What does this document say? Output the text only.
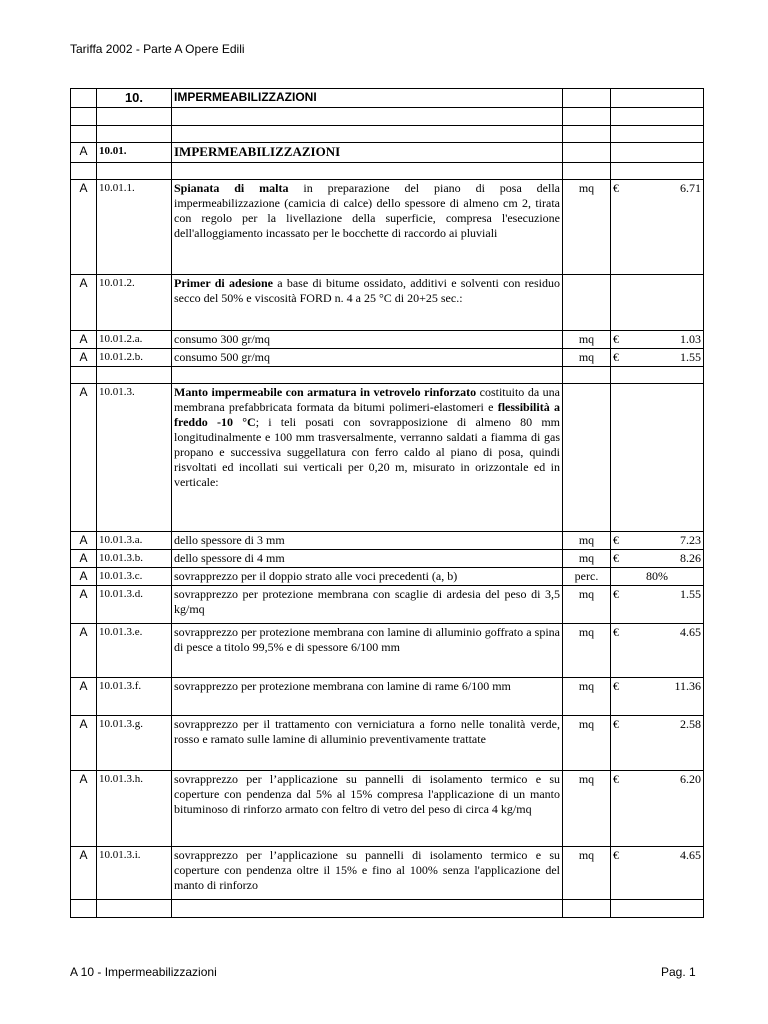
Tariffa 2002 - Parte A Opere Edili
	10.	IMPERMEABILIZZAZIONI		

A	10.01.	IMPERMEABILIZZAZIONI		

A	10.01.1.	Spianata di malta in preparazione del piano di posa della impermeabilizzazione (camicia di calce) dello spessore di almeno cm 2, tirata con regolo per la livellazione della superficie, compresa l'esecuzione dell'alloggiamento incassato per le bocchette di raccordo ai pluviali	mq	€ 6.71

A	10.01.2.	Primer di adesione a base di bitume ossidato, additivi e solventi con residuo secco del 50% e viscosità FORD n. 4 a 25 °C di 20+25 sec.:		
A	10.01.2.a.	consumo 300 gr/mq	mq	€ 1.03

A	10.01.2.b.	consumo 500 gr/mq	mq	€ 1.55

A	10.01.3.	Manto impermeabile con armatura in vetrovelo rinforzato costituito da una membrana prefabbricata formata da bitumi polimeri-elastomeri e flessibilità a freddo -10 °C; i teli posati con sovrapposizione di almeno 80 mm longitudinalmente e 100 mm trasversalmente, verranno saldati a fiamma di gas propano e successiva suggellatura con ferro caldo al piano di posa, quindi risvoltati ed incollati sui verticali per 0,20 m, misurato in orizzontale ed in verticale:		
A	10.01.3.a.	dello spessore di 3 mm	mq	€ 7.23

A	10.01.3.b.	dello spessore di 4 mm	mq	€ 8.26

A	10.01.3.c.	sovrapprezzo per il doppio strato alle voci precedenti (a, b)	perc.	80%
A	10.01.3.d.	sovrapprezzo per protezione membrana con scaglie di ardesia del peso di 3,5 kg/mq	mq	€ 1.55

A	10.01.3.e.	sovrapprezzo per protezione membrana con lamine di alluminio goffrato a spina di pesce a titolo 99,5% e di spessore 6/100 mm	mq	€ 4.65

A	10.01.3.f.	sovrapprezzo per protezione membrana con lamine di rame 6/100 mm	mq	€ 11.36

A	10.01.3.g.	sovrapprezzo per il trattamento con verniciatura a forno nelle tonalità verde, rosso e ramato sulle lamine di alluminio preventivamente trattate	mq	€ 2.58

A	10.01.3.h.	sovrapprezzo per l’applicazione su pannelli di isolamento termico e su coperture con pendenza dal 5% al 15% compresa l'applicazione di un manto bituminoso di rinforzo armato con feltro di vetro del peso di circa 4 kg/mq	mq	€ 6.20

A	10.01.3.i.	sovrapprezzo per l’applicazione su pannelli di isolamento termico e su coperture con pendenza oltre il 15% e fino al 100% senza l'applicazione del manto di rinforzo	mq	€ 4.65

A 10 - Impermeabilizzazioni	Pag. 1
